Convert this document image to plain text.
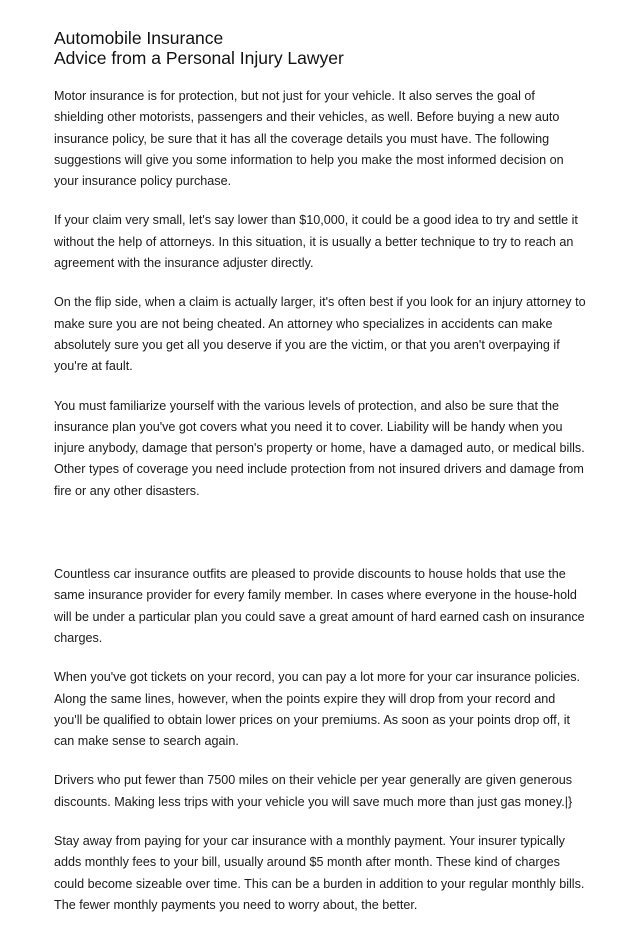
Automobile Insurance
Advice from a Personal Injury Lawyer

Motor insurance is for protection, but not just for your vehicle. It also serves the goal of shielding other motorists, passengers and their vehicles, as well. Before buying a new auto insurance policy, be sure that it has all the coverage details you must have. The following suggestions will give you some information to help you make the most informed decision on your insurance policy purchase.

If your claim very small, let's say lower than $10,000, it could be a good idea to try and settle it without the help of attorneys. In this situation, it is usually a better technique to try to reach an agreement with the insurance adjuster directly.

On the flip side, when a claim is actually larger, it's often best if you look for an injury attorney to make sure you are not being cheated. An attorney who specializes in accidents can make absolutely sure you get all you deserve if you are the victim, or that you aren't overpaying if you're at fault.

You must familiarize yourself with the various levels of protection, and also be sure that the insurance plan you've got covers what you need it to cover. Liability will be handy when you injure anybody, damage that person's property or home, have a damaged auto, or medical bills. Other types of coverage you need include protection from not insured drivers and damage from fire or any other disasters.

Countless car insurance outfits are pleased to provide discounts to house holds that use the same insurance provider for every family member. In cases where everyone in the house-hold will be under a particular plan you could save a great amount of hard earned cash on insurance charges.

When you've got tickets on your record, you can pay a lot more for your car insurance policies. Along the same lines, however, when the points expire they will drop from your record and you'll be qualified to obtain lower prices on your premiums. As soon as your points drop off, it can make sense to search again.

Drivers who put fewer than 7500 miles on their vehicle per year generally are given generous discounts. Making less trips with your vehicle you will save much more than just gas money.|}

Stay away from paying for your car insurance with a monthly payment. Your insurer typically adds monthly fees to your bill, usually around $5 month after month. These kind of charges could become sizeable over time. This can be a burden in addition to your regular monthly bills. The fewer monthly payments you need to worry about, the better.
